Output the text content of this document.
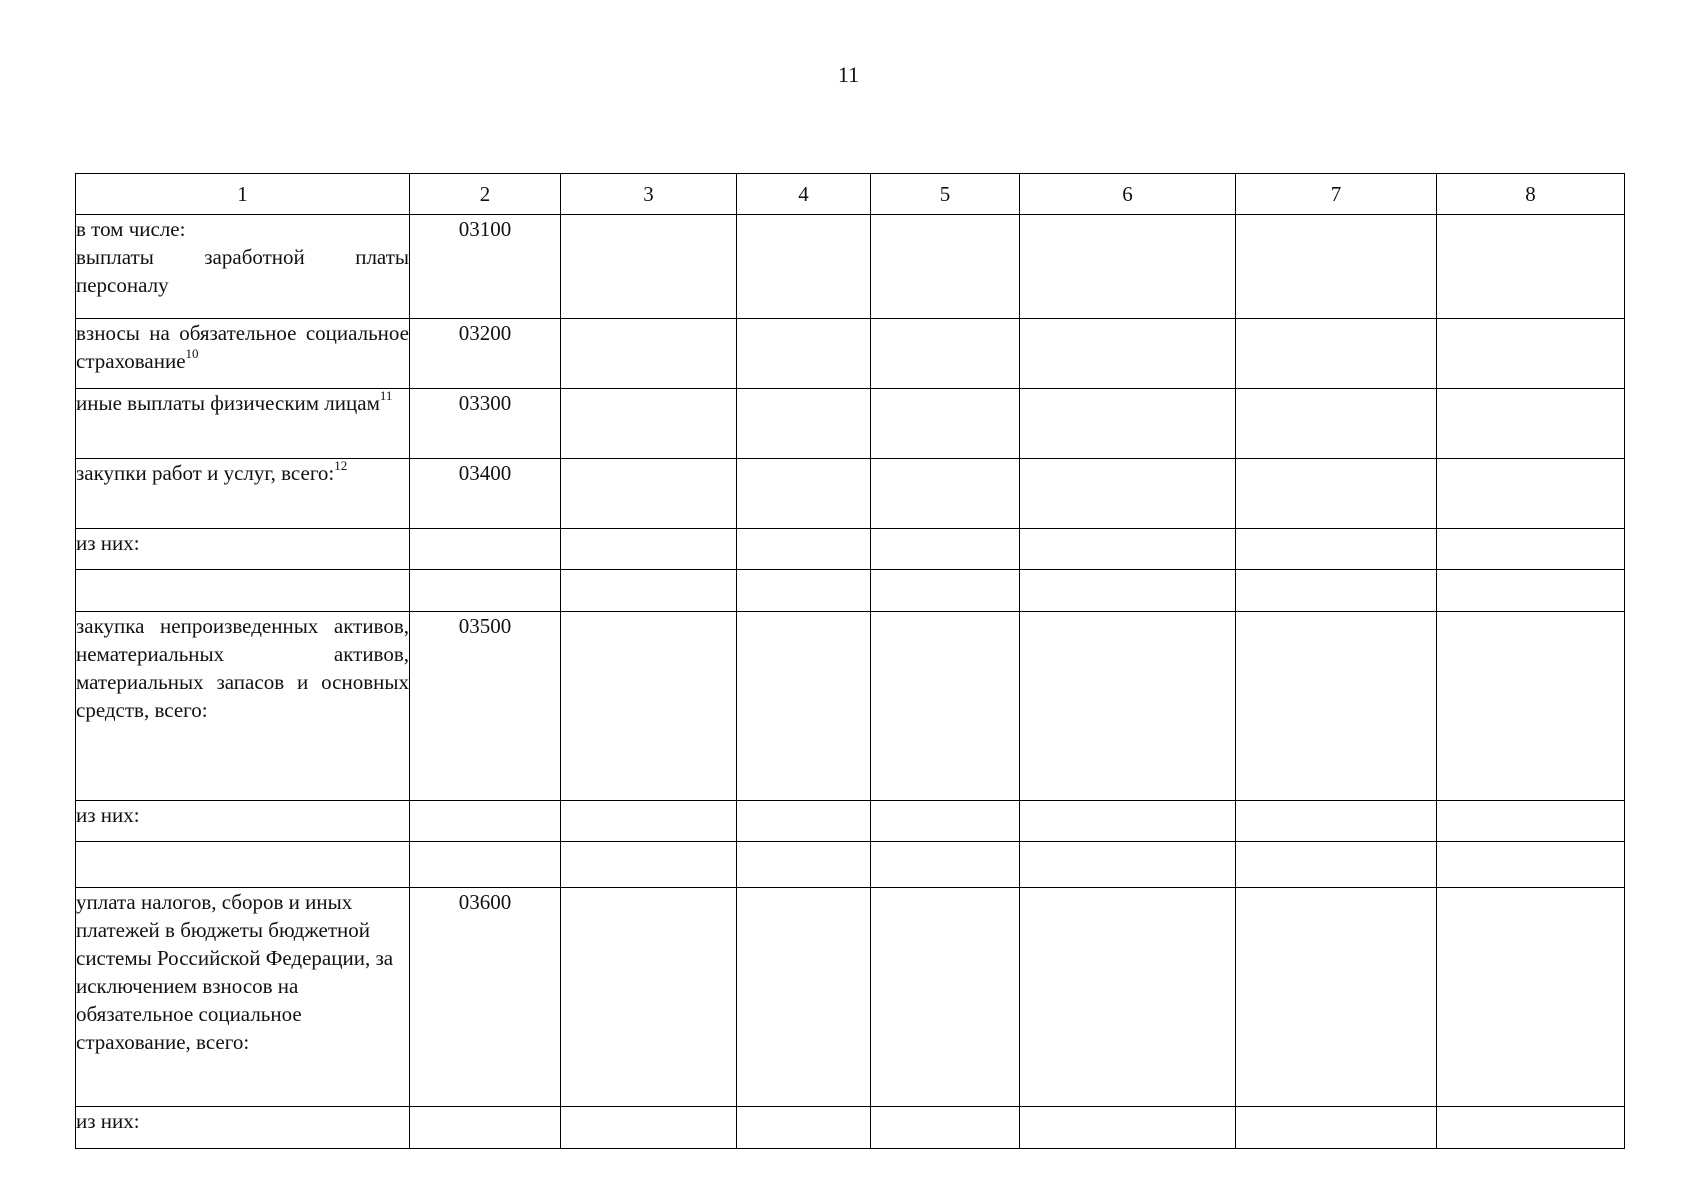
11
1	2	3	4	5	6	7	8

в том числе:
выплаты заработной платы персоналу	03100						
взносы на обязательное социальное страхование$^{10}$	03200						
иные выплаты физическим лицам$^{11}$	03300						
закупки работ и услуг, всего:$^{12}$	03400						
из них:							

закупка непроизведенных активов, нематериальных активов, материальных запасов и основных средств, всего:	03500						
из них:							

уплата налогов, сборов и иных платежей в бюджеты бюджетной системы Российской Федерации, за исключением взносов на обязательное социальное страхование, всего:	03600						
из них:							
